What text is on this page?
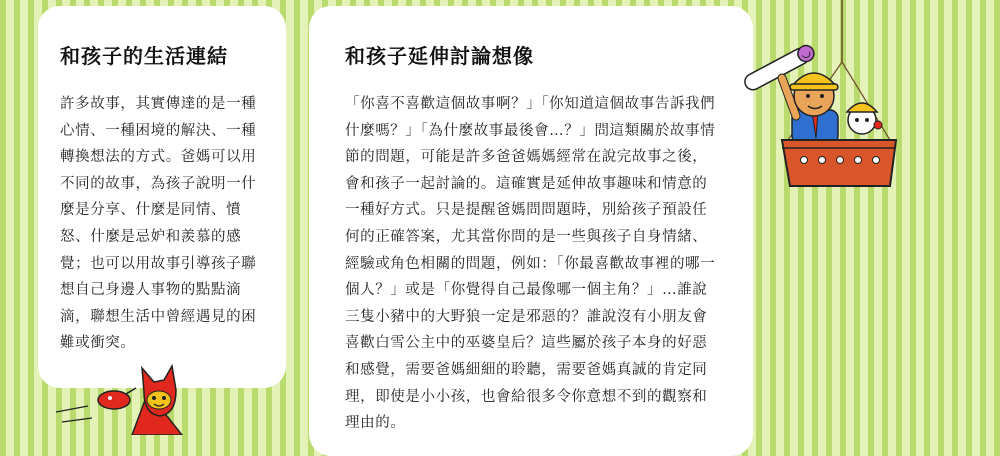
和孩子的生活連結

許多故事，其實傳達的是一種心情、一種困境的解決、一種轉換想法的方式。爸媽可以用不同的故事，為孩子說明一什麼是分享、什麼是同情、憤怒、什麼是忌妒和羨慕的感覺；也可以用故事引導孩子聯想自己身邊人事物的點點滴滴，聯想生活中曾經遇見的困難或衝突。

和孩子延伸討論想像

「你喜不喜歡這個故事啊？」「你知道這個故事告訴我們什麼嗎？」「為什麼故事最後會…？」問這類關於故事情節的問題，可能是許多爸爸媽媽經常在說完故事之後，會和孩子一起討論的。這確實是延伸故事趣味和情意的一種好方式。只是提醒爸媽問問題時，別給孩子預設任何的正確答案，尤其當你問的是一些與孩子自身情緒、經驗或角色相關的問題，例如：「你最喜歡故事裡的哪一個人？」或是「你覺得自己最像哪一個主角？」…誰說三隻小豬中的大野狼一定是邪惡的？誰說沒有小朋友會喜歡白雪公主中的巫婆皇后？這些屬於孩子本身的好惡和感覺，需要爸媽細細的聆聽，需要爸媽真誠的肯定同理，即使是小小孩，也會給很多令你意想不到的觀察和理由的。
